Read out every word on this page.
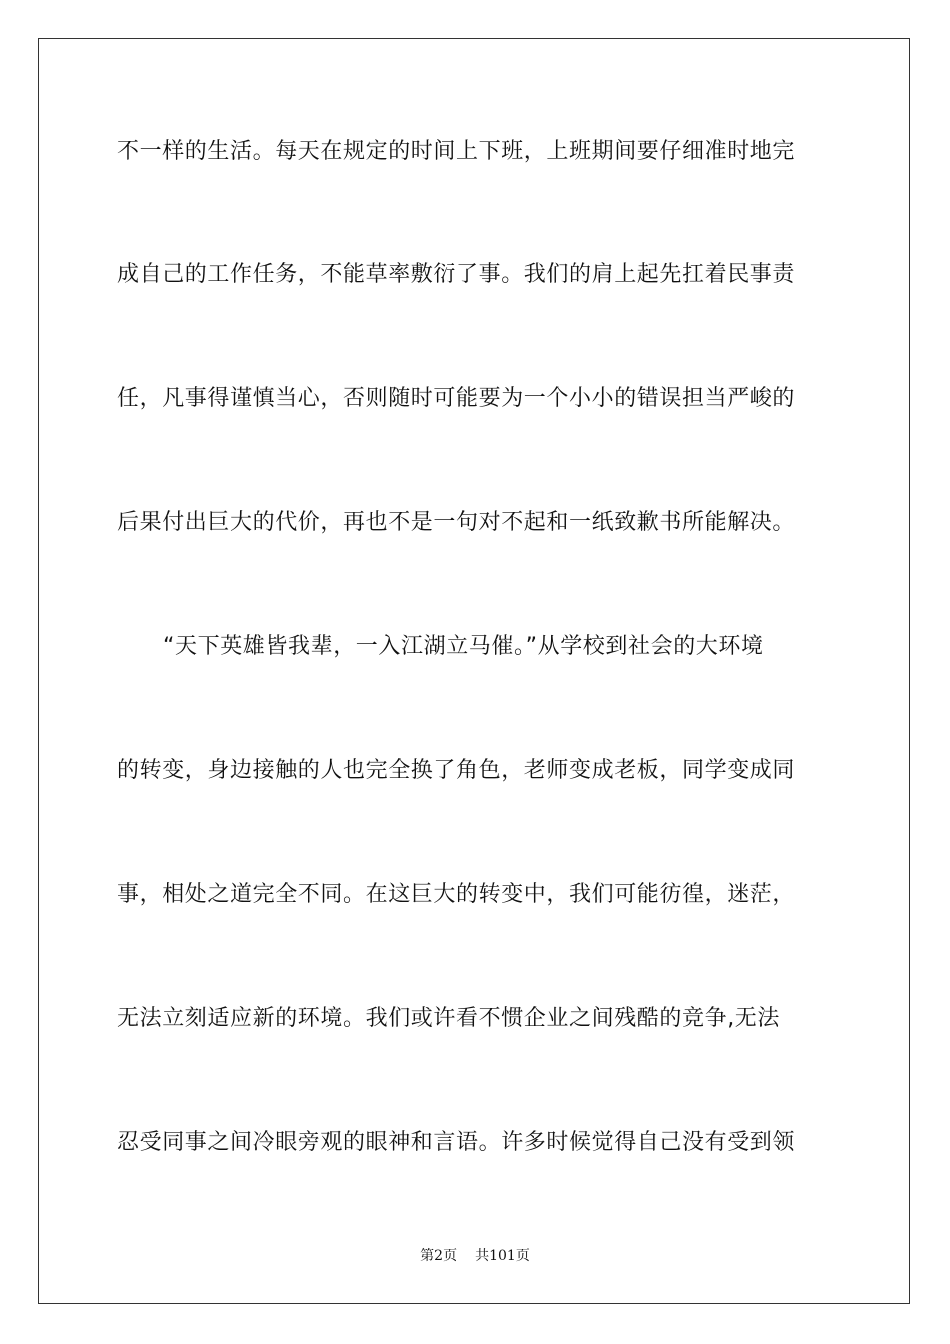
不一样的生活。每天在规定的时间上下班，上班期间要仔细准时地完
成自己的工作任务，不能草率敷衍了事。我们的肩上起先扛着民事责
任，凡事得谨慎当心，否则随时可能要为一个小小的错误担当严峻的
后果付出巨大的代价，再也不是一句对不起和一纸致歉书所能解决。
“天下英雄皆我辈，一入江湖立马催。”从学校到社会的大环境
的转变，身边接触的人也完全换了角色，老师变成老板，同学变成同
事，相处之道完全不同。在这巨大的转变中，我们可能彷徨，迷茫，
无法立刻适应新的环境。我们或许看不惯企业之间残酷的竞争,无法
忍受同事之间冷眼旁观的眼神和言语。许多时候觉得自己没有受到领
第2页 共101页
